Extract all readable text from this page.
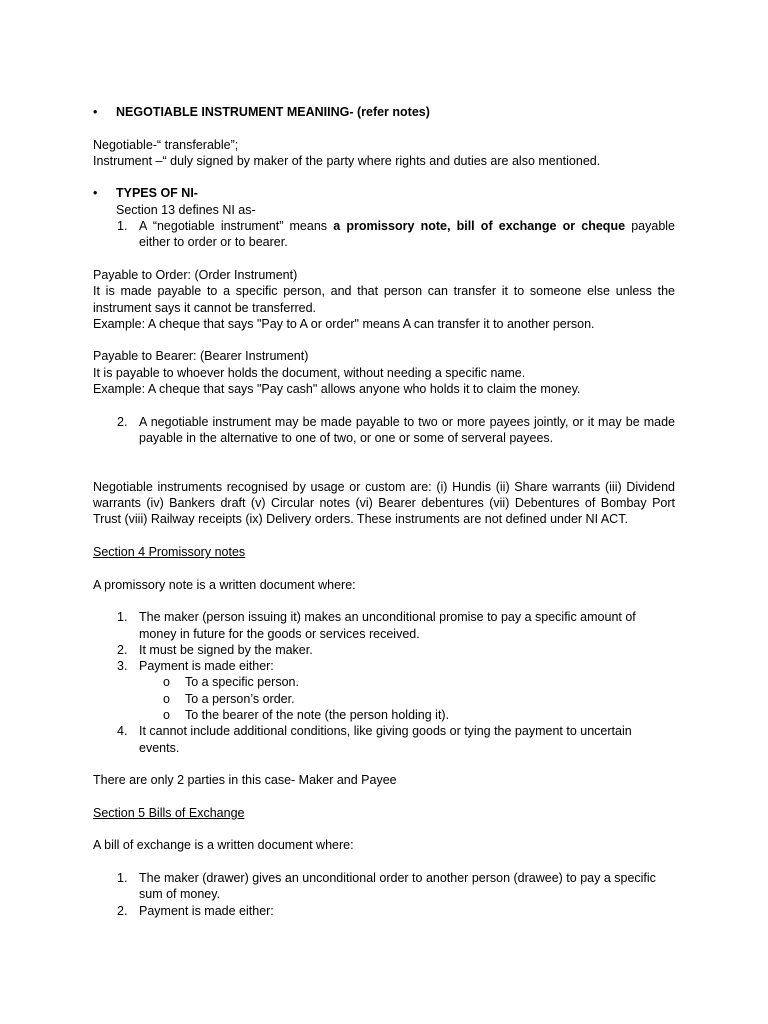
• NEGOTIABLE INSTRUMENT MEANIING- (refer notes)

Negotiable-“ transferable”;

Instrument –“ duly signed by maker of the party where rights and duties are also mentioned.

• TYPES OF NI-

Section 13 defines NI as-

1. A “negotiable instrument” means a promissory note, bill of exchange or cheque payable either to order or to bearer.

Payable to Order: (Order Instrument)

It is made payable to a specific person, and that person can transfer it to someone else unless the instrument says it cannot be transferred.

Example: A cheque that says "Pay to A or order" means A can transfer it to another person.

Payable to Bearer: (Bearer Instrument)

It is payable to whoever holds the document, without needing a specific name.

Example: A cheque that says "Pay cash" allows anyone who holds it to claim the money.

2. A negotiable instrument may be made payable to two or more payees jointly, or it may be made payable in the alternative to one of two, or one or some of serveral payees.

Negotiable instruments recognised by usage or custom are: (i) Hundis (ii) Share warrants (iii) Dividend warrants (iv) Bankers draft (v) Circular notes (vi) Bearer debentures (vii) Debentures of Bombay Port Trust (viii) Railway receipts (ix) Delivery orders. These instruments are not defined under NI ACT.

Section 4 Promissory notes

A promissory note is a written document where:

1. The maker (person issuing it) makes an unconditional promise to pay a specific amount of money in future for the goods or services received.

2. It must be signed by the maker.

3. Payment is made either:

o To a specific person.

o To a person’s order.

o To the bearer of the note (the person holding it).

4. It cannot include additional conditions, like giving goods or tying the payment to uncertain events.

There are only 2 parties in this case- Maker and Payee

Section 5 Bills of Exchange

A bill of exchange is a written document where:

1. The maker (drawer) gives an unconditional order to another person (drawee) to pay a specific sum of money.

2. Payment is made either:
